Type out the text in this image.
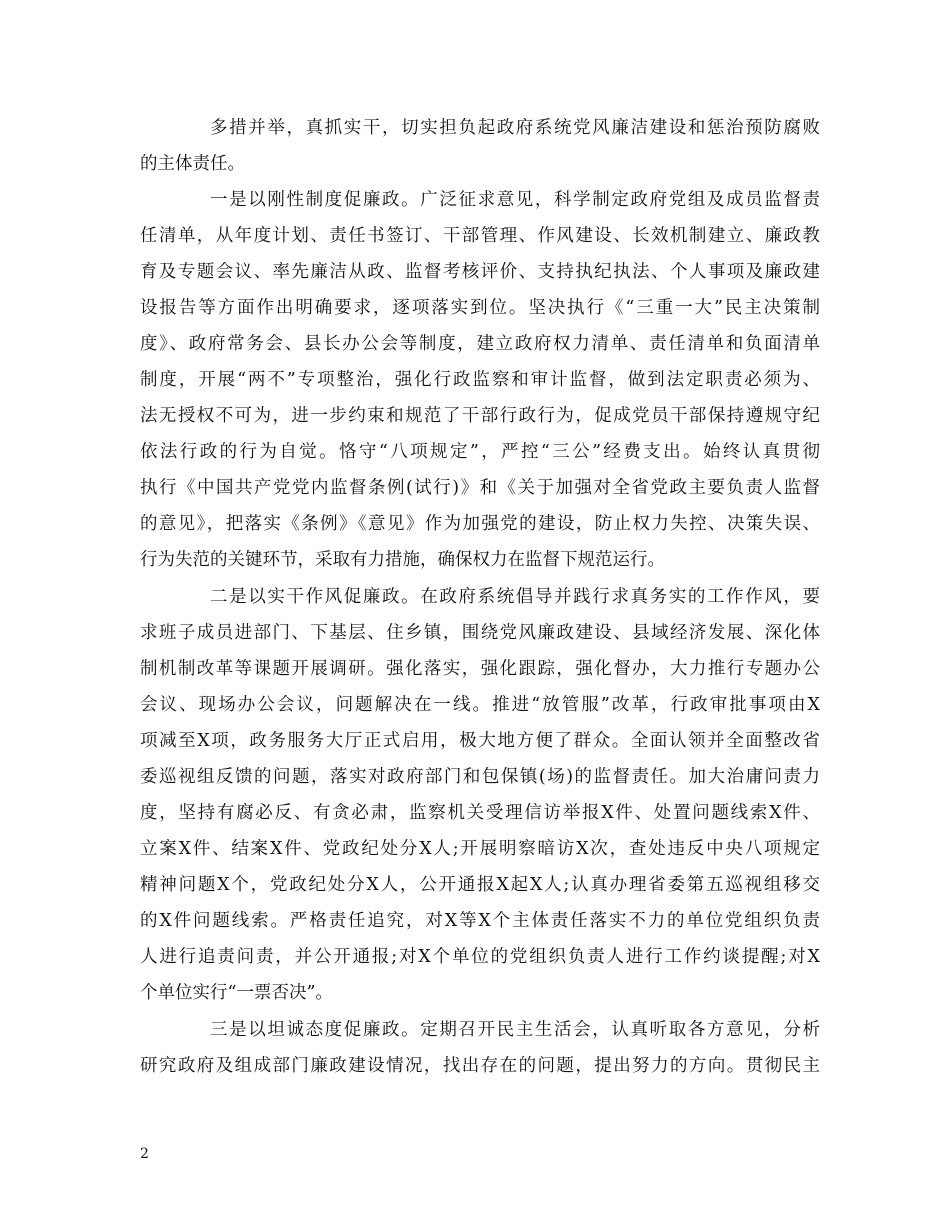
多措并举，真抓实干，切实担负起政府系统党风廉洁建设和惩治预防腐败
的主体责任。
一是以刚性制度促廉政。广泛征求意见，科学制定政府党组及成员监督责
任清单，从年度计划、责任书签订、干部管理、作风建设、长效机制建立、廉政教
育及专题会议、率先廉洁从政、监督考核评价、支持执纪执法、个人事项及廉政建
设报告等方面作出明确要求，逐项落实到位。坚决执行《“三重一大”民主决策制
度》、政府常务会、县长办公会等制度，建立政府权力清单、责任清单和负面清单
制度，开展“两不”专项整治，强化行政监察和审计监督，做到法定职责必须为、
法无授权不可为，进一步约束和规范了干部行政行为，促成党员干部保持遵规守纪
依法行政的行为自觉。恪守“八项规定”，严控“三公”经费支出。始终认真贯彻
执行《中国共产党党内监督条例(试行)》和《关于加强对全省党政主要负责人监督
的意见》，把落实《条例》《意见》作为加强党的建设，防止权力失控、决策失误、
行为失范的关键环节，采取有力措施，确保权力在监督下规范运行。
二是以实干作风促廉政。在政府系统倡导并践行求真务实的工作作风，要
求班子成员进部门、下基层、住乡镇，围绕党风廉政建设、县域经济发展、深化体
制机制改革等课题开展调研。强化落实，强化跟踪，强化督办，大力推行专题办公
会议、现场办公会议，问题解决在一线。推进“放管服”改革，行政审批事项由X
项减至X项，政务服务大厅正式启用，极大地方便了群众。全面认领并全面整改省
委巡视组反馈的问题，落实对政府部门和包保镇(场)的监督责任。加大治庸问责力
度，坚持有腐必反、有贪必肃，监察机关受理信访举报X件、处置问题线索X件、
立案X件、结案X件、党政纪处分X人;开展明察暗访X次，查处违反中央八项规定
精神问题X个，党政纪处分X人，公开通报X起X人;认真办理省委第五巡视组移交
的X件问题线索。严格责任追究，对X等X个主体责任落实不力的单位党组织负责
人进行追责问责，并公开通报;对X个单位的党组织负责人进行工作约谈提醒;对X
个单位实行“一票否决”。
三是以坦诚态度促廉政。定期召开民主生活会，认真听取各方意见，分析
研究政府及组成部门廉政建设情况，找出存在的问题，提出努力的方向。贯彻民主
2
